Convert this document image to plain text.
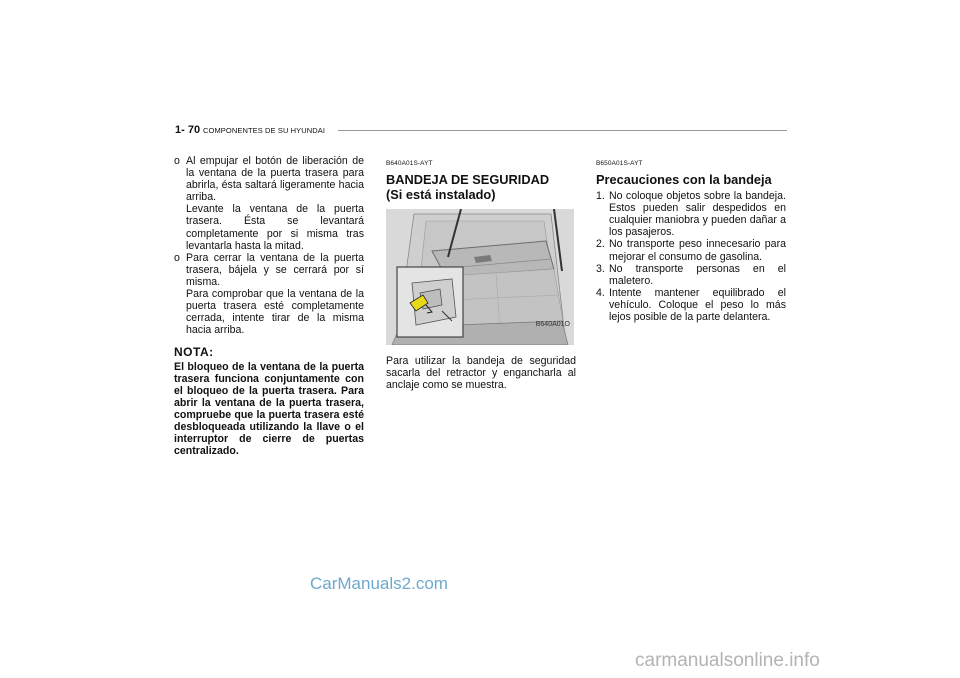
1- 70 COMPONENTES DE SU HYUNDAI
o Al empujar el botón de liberación de la ventana de la puerta trasera para abrirla, ésta saltará ligeramente hacia arriba.
Levante la ventana de la puerta trasera. Ésta se levantará completamente por si misma tras levantarla hasta la mitad.
o Para cerrar la ventana de la puerta trasera, bájela y se cerrará por sí misma.
Para comprobar que la ventana de la puerta trasera esté completamente cerrada, intente tirar de la misma hacia arriba.
NOTA:
El bloqueo de la ventana de la puerta trasera funciona conjuntamente con el bloqueo de la puerta trasera. Para abrir la ventana de la puerta trasera, compruebe que la puerta trasera esté desbloqueada utilizando la llave o el interruptor de cierre de puertas centralizado.
B640A01S-AYT
BANDEJA DE SEGURIDAD
(Si está instalado)
B640A01O
Para utilizar la bandeja de seguridad sacarla del retractor y engancharla al anclaje como se muestra.
B650A01S-AYT
Precauciones con la bandeja
1. No coloque objetos sobre la bandeja. Estos pueden salir despedidos en cualquier maniobra y pueden dañar a los pasajeros.
2. No transporte peso innecesario para mejorar el consumo de gasolina.
3. No transporte personas en el maletero.
4. Intente mantener equilibrado el vehículo. Coloque el peso lo más lejos posible de la parte delantera.
CarManuals2.com
carmanualsonline.info
